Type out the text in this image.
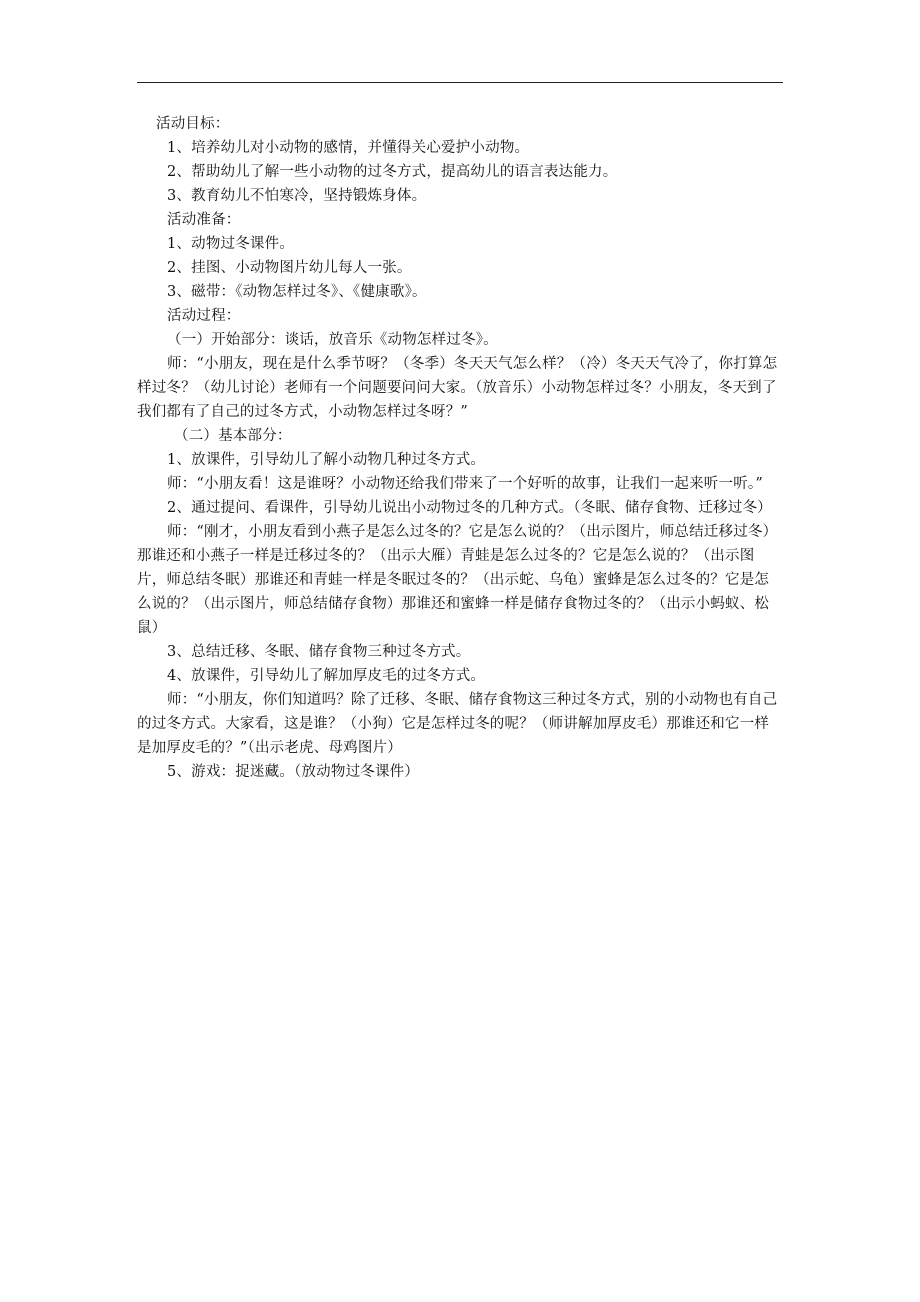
活动目标：

1、培养幼儿对小动物的感情，并懂得关心爱护小动物。

2、帮助幼儿了解一些小动物的过冬方式，提高幼儿的语言表达能力。

3、教育幼儿不怕寒冷，坚持锻炼身体。

活动准备：

1、动物过冬课件。

2、挂图、小动物图片幼儿每人一张。

3、磁带：《动物怎样过冬》、《健康歌》。

活动过程：

（一）开始部分：谈话，放音乐《动物怎样过冬》。

师：“小朋友，现在是什么季节呀？（冬季）冬天天气怎么样？（冷）冬天天气冷了，你打算怎样过冬？（幼儿讨论）老师有一个问题要问问大家。（放音乐）小动物怎样过冬？小朋友，冬天到了我们都有了自己的过冬方式，小动物怎样过冬呀？”

（二）基本部分：

1、放课件，引导幼儿了解小动物几种过冬方式。

师：“小朋友看！这是谁呀？小动物还给我们带来了一个好听的故事，让我们一起来听一听。”

2、通过提问、看课件，引导幼儿说出小动物过冬的几种方式。（冬眠、储存食物、迁移过冬）

师：“刚才，小朋友看到小燕子是怎么过冬的？它是怎么说的？（出示图片，师总结迁移过冬）那谁还和小燕子一样是迁移过冬的？（出示大雁）青蛙是怎么过冬的？它是怎么说的？（出示图片，师总结冬眠）那谁还和青蛙一样是冬眠过冬的？（出示蛇、乌龟）蜜蜂是怎么过冬的？它是怎么说的？（出示图片，师总结储存食物）那谁还和蜜蜂一样是储存食物过冬的？（出示小蚂蚁、松鼠）

3、总结迁移、冬眠、储存食物三种过冬方式。

4、放课件，引导幼儿了解加厚皮毛的过冬方式。

师：“小朋友，你们知道吗？除了迁移、冬眠、储存食物这三种过冬方式，别的小动物也有自己的过冬方式。大家看，这是谁？（小狗）它是怎样过冬的呢？（师讲解加厚皮毛）那谁还和它一样是加厚皮毛的？”（出示老虎、母鸡图片）

5、游戏：捉迷藏。（放动物过冬课件）
